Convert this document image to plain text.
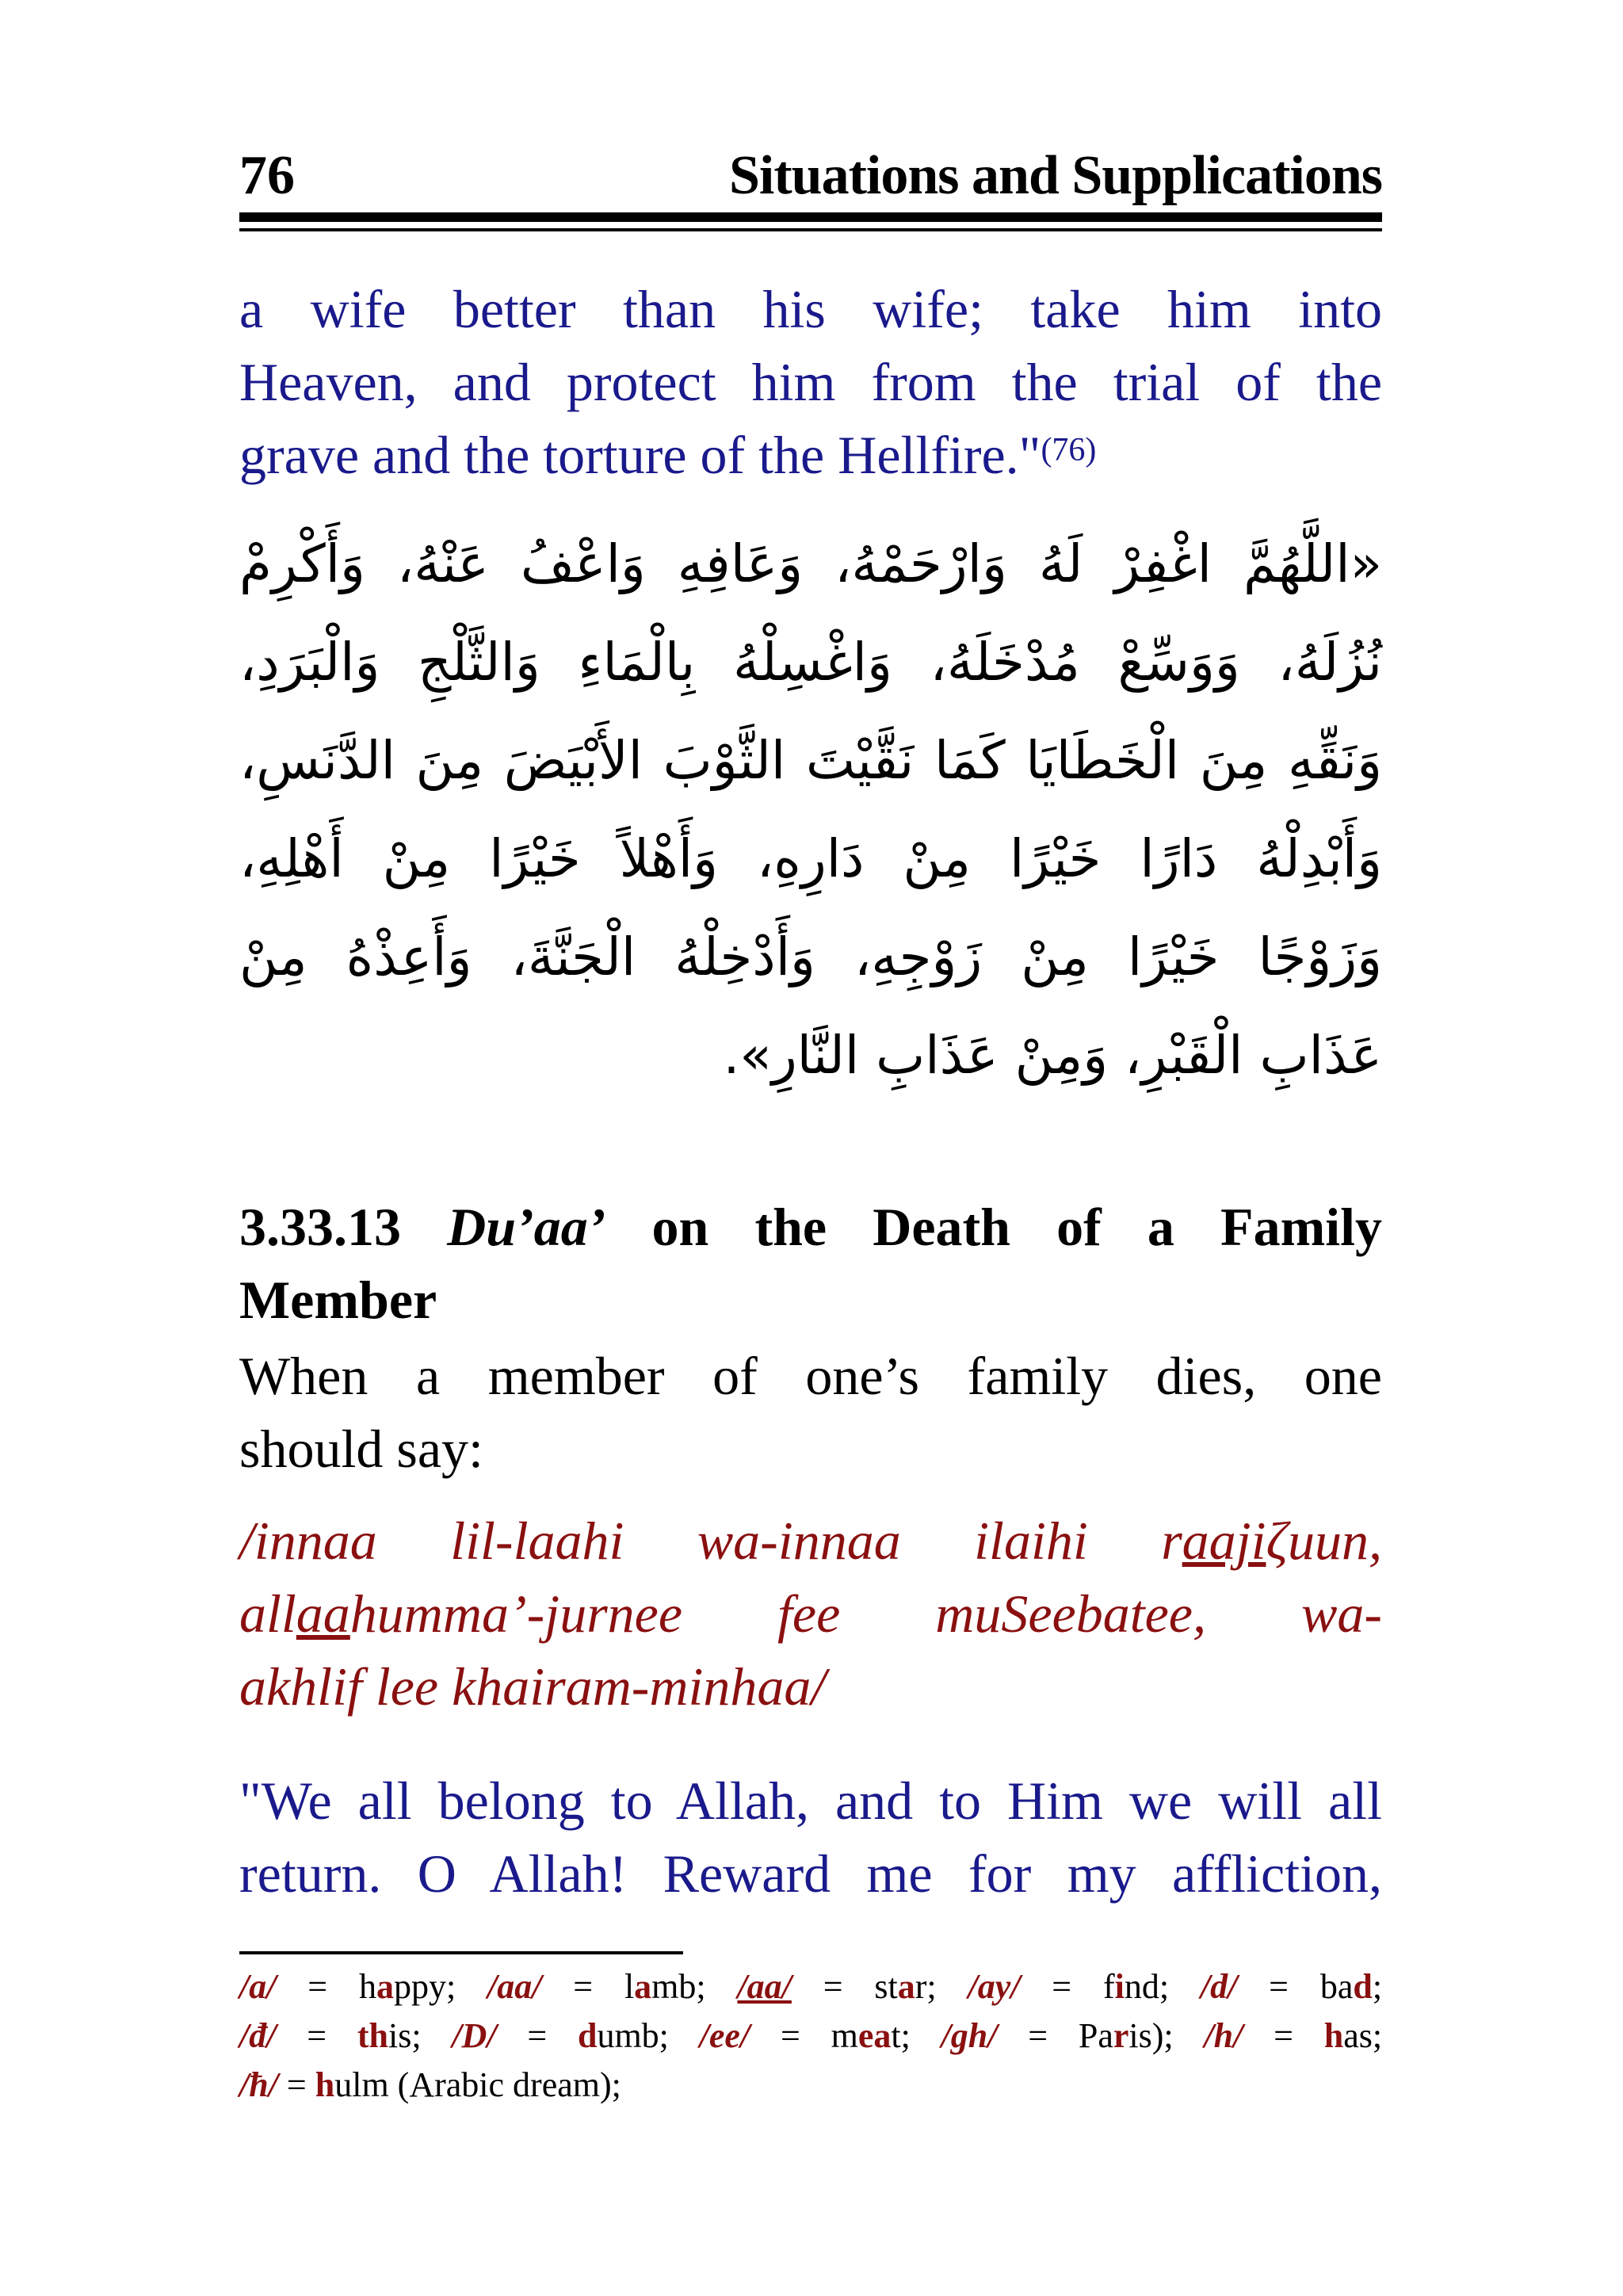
76	Situations and Supplications
a wife better than his wife; take him into
Heaven, and protect him from the trial of the
grave and the torture of the Hellfire."$^{(76)}$
«اللَّهُمَّ اغْفِرْ لَهُ وَارْحَمْهُ، وَعَافِهِ وَاعْفُ عَنْهُ، وَأَكْرِمْ
نُزُلَهُ، وَوَسِّعْ مُدْخَلَهُ، وَاغْسِلْهُ بِالْمَاءِ وَالثَّلْجِ وَالْبَرَدِ،
وَنَقِّهِ مِنَ الْخَطَايَا كَمَا نَقَّيْتَ الثَّوْبَ الأَبْيَضَ مِنَ الدَّنَسِ،
وَأَبْدِلْهُ دَارًا خَيْرًا مِنْ دَارِهِ، وَأَهْلاً خَيْرًا مِنْ أَهْلِهِ،
وَزَوْجًا خَيْرًا مِنْ زَوْجِهِ، وَأَدْخِلْهُ الْجَنَّةَ، وَأَعِذْهُ مِنْ
عَذَابِ الْقَبْرِ، وَمِنْ عَذَابِ النَّارِ».
3.33.13 Du’aa’ on the Death of a Family
Member
When a member of one’s family dies, one
should say:
/innaa lil-laahi wa-innaa ilaihi raajiζuun,
allaahumma’-jurnee fee muSeebatee, wa-
akhlif lee khairam-minhaa/
"We all belong to Allah, and to Him we will all
return. O Allah! Reward me for my affliction,
/a/ = happy; /aa/ = lamb; /aa/ = star; /ay/ = find; /d/ = bad;
/đ/ = this; /D/ = dumb; /ee/ = meat; /gh/ = Paris); /h/ = has;
/ħ/ = hulm (Arabic dream);
